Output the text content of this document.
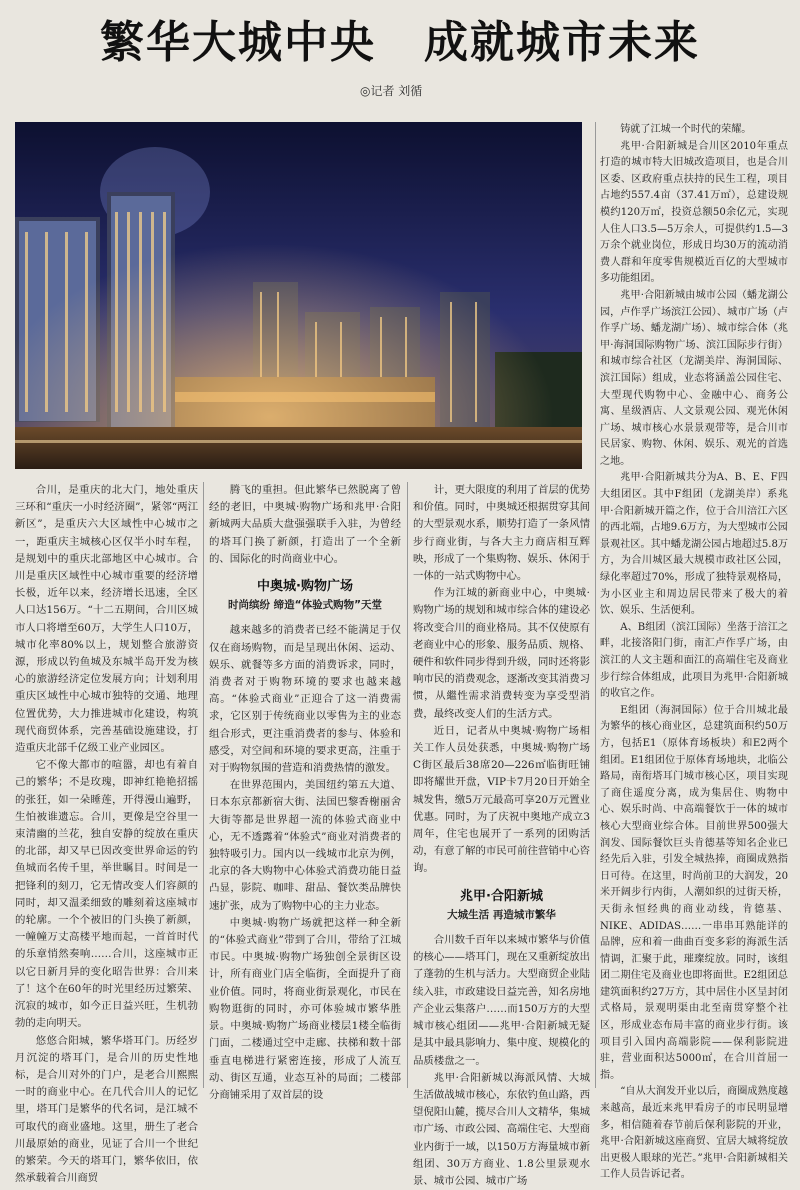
繁华大城中央 成就城市未来
◎记者 刘循

合川，是重庆的北大门，地处重庆三环和“重庆一小时经济圈”，紧邻“两江新区”，是重庆六大区域性中心城市之一，距重庆主城核心区仅半小时车程，是规划中的重庆北部地区中心城市。合川是重庆区域性中心城市重要的经济增长极，近年以来，经济增长迅速，全区人口达156万。“十二五期间，合川区城市人口将增至60万，大学生人口10万，城市化率80%以上，规划整合旅游资源，形成以钓鱼城及东城半岛开发为核心的旅游经济定位发展方向；计划利用重庆区域性中心城市独特的交通、地理位置优势，大力推进城市化建设，构筑现代商贸体系，完善基础设施建设，打造重庆北部千亿级工业产业园区。

它不像大都市的喧嚣，却也有着自己的繁华；不是玫瑰，即神红艳艳招摇的张狂，如一朵睡莲，开得漫山遍野，生怕被谁遗忘。合川，更像是空谷里一束清幽的兰花，独自安静的绽放在重庆的北部，却又早已因改变世界命运的钓鱼城而名传千里，举世瞩目。时间是一把锋利的刻刀，它无情改变人们容颜的同时，却又温柔细致的雕刻着这座城市的轮廓。一个个被旧的门头换了新颜，一幢幢万丈高楼平地而起，一首首时代的乐章悄然奏响……合川，这座城市正以它日新月异的变化昭告世界：合川来了！这个在60年的时光里经历过繁荣、沉寂的城市，如今正日益兴旺，生机勃勃的走向明天。

悠悠合阳城，繁华塔耳门。历经岁月沉淀的塔耳门，是合川的历史性地标，是合川对外的门户，是老合川熙熙一时的商业中心。在几代合川人的记忆里，塔耳门是繁华的代名词，是江城不可取代的商业盛地。这里，册生了老合川最原始的商业，见证了合川一个世纪的繁荣。今天的塔耳门，繁华依旧，依然承载着合川商贸

腾飞的重担。但此繁华已然脱离了曾经的老旧，中奥城·购物广场和兆甲·合阳新城两大品质大盘强强联手入驻，为曾经的塔耳门换了新颜，打造出了一个全新的、国际化的时尚商业中心。

中奥城·购物广场
时尚缤纷 缔造“体验式购物”天堂

越来越多的消费者已经不能满足于仅仅在商场购物，而是呈现出休闲、运动、娱乐、就餐等多方面的消费诉求，同时，消费者对于购物环境的要求也越来越高。“体验式商业”正迎合了这一消费需求，它区别于传统商业以零售为主的业态组合形式，更注重消费者的参与、体验和感受，对空间和环境的要求更高，注重于对于购物氛围的营造和消费热情的激发。

在世界范围内，美国纽约第五大道、日本东京都新宿大街、法国巴黎香榭丽舍大街等都是世界超一流的体验式商业中心，无不透露着“体验式”商业对消费者的独特吸引力。国内以一线城市北京为例，北京的各大购物中心体验式消费功能日益凸显，影院、咖啡、甜品、餐饮类品牌快速扩张，成为了购物中心的主力业态。

中奥城·购物广场就把这样一种全新的“体验式商业”带到了合川，带给了江城市民。中奥城·购物广场独创全景街区设计，所有商业门店全临街，全面提升了商业价值。同时，将商业街景观化，市民在购物逛街的同时，亦可体验城市繁华胜景。中奥城·购物广场商业楼层1楼全临街门面，二楼通过空中走廊、扶梯和数十部垂直电梯进行紧密连接，形成了人流互动、街区互通，业态互补的局面；二楼部分商铺采用了双首层的设

计，更大限度的利用了首层的优势和价值。同时，中奥城还根据贯穿其间的大型景观水系，顺势打造了一条风情步行商业街，与各大主力商店相互辉映，形成了一个集购物、娱乐、休闲于一体的一站式购物中心。

作为江城的新商业中心，中奥城·购物广场的规划和城市综合体的建设必将改变合川的商业格局。其不仅使原有老商业中心的形象、服务品质、规格、硬件和软件同步得到升级，同时还将影响市民的消费观念，逐渐改变其消费习惯，从繼性需求消费转变为享受型消费，最终改变人们的生活方式。

近日，记者从中奥城·购物广场相关工作人员处获悉，中奥城·购物广场C街区最后38席20—226㎡临街旺铺即将耀世开盘，VIP卡7月20日开始全城发售，缴5万元最高可享20万元置业优惠。同时，为了庆祝中奥地产成立3周年，住宅也展开了一系列的团购活动，有意了解的市民可前往营销中心咨询。

兆甲·合阳新城
大城生活 再造城市繁华

合川数千百年以来城市繁华与价值的核心——塔耳门，现在又重新绽放出了蓬勃的生机与活力。大型商贸企业陆续入驻，市政建设日益完善，知名房地产企业云集落户……而150万方的大型城市核心组团——兆甲·合阳新城无疑是其中最具影响力、集中度、规模化的品质楼盘之一。

兆甲·合阳新城以海派风情、大城生活做战城市核心，东依钓鱼山路，西望倪阳山麓，揽尽合川人文精华，集城市广场、市政公园、高端住宅、大型商业内街于一域，以150万方海量城市新组团、30万方商业、1.8公里景观水景、城市公园、城市广场

铸就了江城一个时代的荣耀。

兆甲·合阳新城是合川区2010年重点打造的城市特大旧城改造项目，也是合川区委、区政府重点扶持的民生工程，项目占地约557.4亩（37.41万㎡），总建设规模约120万㎡，投资总额50余亿元，实现人住人口3.5—5万余人，可提供约1.5—3万余个就业岗位，形成日均30万的流动消费人群和年度零售规模近百亿的大型城市多功能组团。

兆甲·合阳新城由城市公园（蟠龙湖公园，卢作孚广场滨江公园）、城市广场（卢作孚广场、蟠龙湖广场）、城市综合体（兆甲·海洞国际购物广场、滨江国际步行街）和城市综合社区（龙湖美岸、海洞国际、滨江国际）组成，业态将涵盖公园住宅、大型现代购物中心、金融中心、商务公寓、星级酒店、人文景观公园、观光休闲广场、城市核心水景景观带等，是合川市民居家、购物、休闲、娱乐、观光的首选之地。

兆甲·合阳新城共分为A、B、E、F四大组团区。其中F组团（龙湖美岸）系兆甲·合阳新城开篇之作，位于合川涪江六区的西北端，占地9.6万方，为大型城市公园景观社区。其中蟠龙湖公园占地超过5.8万方，为合川城区最大规模市政社区公园，绿化率超过70%，形成了独特景观格局，为小区业主和周边居民带来了极大的着饮、娱乐、生活便利。

A、B组团（滨江国际）坐落于涪江之畔，北接洛阳门街，南汇卢作孚广场，由滨江的人文主题和面江的高端住宅及商业步行综合体组成，此项目为兆甲·合阳新城的收官之作。

E组团（海洞国际）位于合川城北最为繁华的核心商业区，总建筑面积约50万方，包括E1（原体育场板块）和E2两个组团。E1组团位于原体育场地块，北临公路局，南衔塔耳门城市核心区，项目实现了商住遥度分离，成为集居住、购物中心、娱乐时尚、中高端餐饮于一体的城市核心大型商业综合体。目前世界500强大润发、国际餐饮巨头肯德基等知名企业已经先后入驻，引发全城热捧，商圈成熟指日可待。在这里，时尚前卫的大润发，20米开阔步行内街，人潮如织的过街天桥，天街永恒经典的商业动线，肯德基、NIKE、ADIDAS……一串串耳熟能详的品牌，应和着一曲曲百变多彩的海派生活情调，汇聚于此，璀璨绽放。同时，该组团二期住宅及商业也即将面世。E2组团总建筑面积约27万方，其中居住小区呈封闭式格局，景观明渠由北至南贯穿整个社区，形成业态布局丰富的商业步行街。该项目引入国内高端影院——保利影院进驻，营业面积达5000㎡，在合川首屈一指。

“自从大润发开业以后，商圈成熟度越来越高，最近来兆甲看房子的市民明显增多，相信随着春节前后保利影院的开业，兆甲·合阳新城这座商贸、宜居大城将绽放出更极人眼球的光芒。”兆甲·合阳新城相关工作人员告诉记者。
